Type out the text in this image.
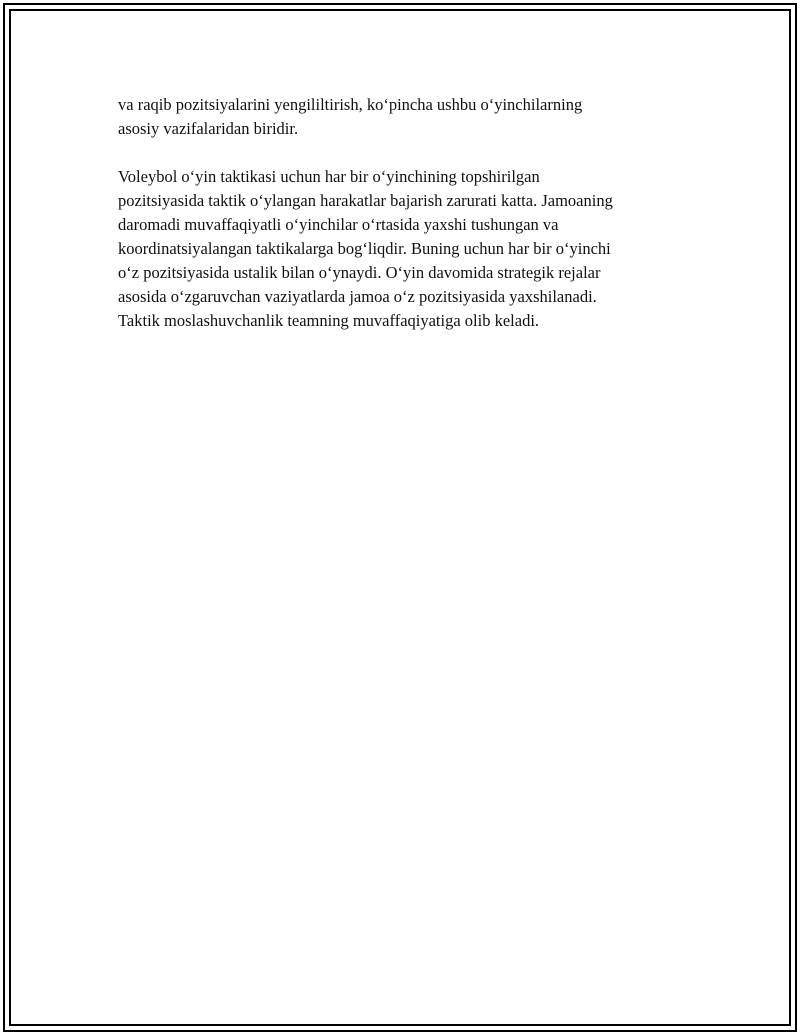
va raqib pozitsiyalarini yengililtirish, koʻpincha ushbu oʻyinchilarning
asosiy vazifalaridan biridir.

Voleybol oʻyin taktikasi uchun har bir oʻyinchining topshirilgan
pozitsiyasida taktik oʻylangan harakatlar bajarish zarurati katta. Jamoaning
daromadi muvaffaqiyatli oʻyinchilar oʻrtasida yaxshi tushungan va
koordinatsiyalangan taktikalarga bogʻliqdir. Buning uchun har bir oʻyinchi
oʻz pozitsiyasida ustalik bilan oʻynaydi. Oʻyin davomida strategik rejalar
asosida oʻzgaruvchan vaziyatlarda jamoa oʻz pozitsiyasida yaxshilanadi.
Taktik moslashuvchanlik teamning muvaffaqiyatiga olib keladi.
